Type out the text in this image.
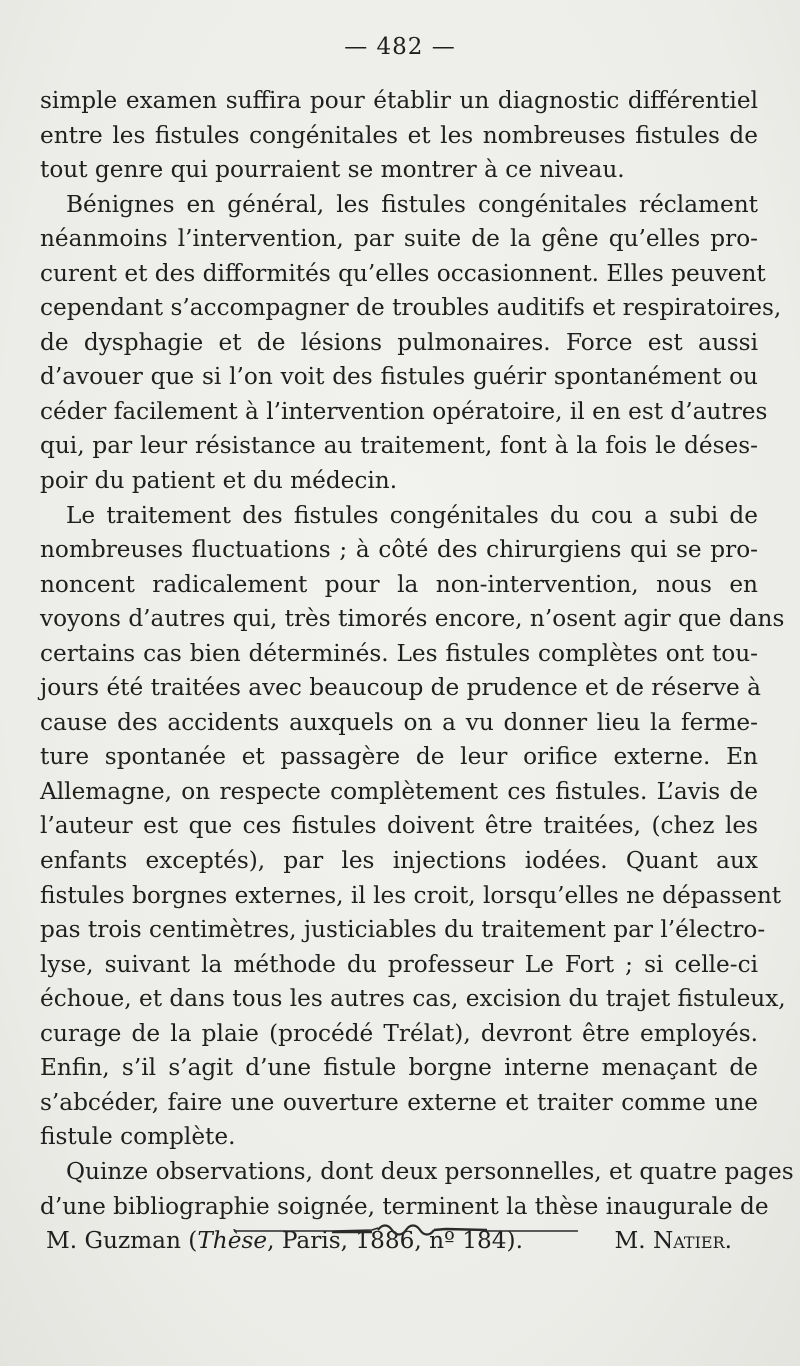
— 482 —
simple examen suffira pour établir un diagnostic différentiel
entre les fistules congénitales et les nombreuses fistules de
tout genre qui pourraient se montrer à ce niveau.
Bénignes en général, les fistules congénitales réclament
néanmoins l’intervention, par suite de la gêne qu’elles pro-
curent et des difformités qu’elles occasionnent. Elles peuvent
cependant s’accompagner de troubles auditifs et respiratoires,
de dysphagie et de lésions pulmonaires. Force est aussi
d’avouer que si l’on voit des fistules guérir spontanément ou
céder facilement à l’intervention opératoire, il en est d’autres
qui, par leur résistance au traitement, font à la fois le déses-
poir du patient et du médecin.
Le traitement des fistules congénitales du cou a subi de
nombreuses fluctuations ; à côté des chirurgiens qui se pro-
noncent radicalement pour la non-intervention, nous en
voyons d’autres qui, très timorés encore, n’osent agir que dans
certains cas bien déterminés. Les fistules complètes ont tou-
jours été traitées avec beaucoup de prudence et de réserve à
cause des accidents auxquels on a vu donner lieu la ferme-
ture spontanée et passagère de leur orifice externe. En
Allemagne, on respecte complètement ces fistules. L’avis de
l’auteur est que ces fistules doivent être traitées, (chez les
enfants exceptés), par les injections iodées. Quant aux
fistules borgnes externes, il les croit, lorsqu’elles ne dépassent
pas trois centimètres, justiciables du traitement par l’électro-
lyse, suivant la méthode du professeur Le Fort ; si celle-ci
échoue, et dans tous les autres cas, excision du trajet fistuleux,
curage de la plaie (procédé Trélat), devront être employés.
Enfin, s’il s’agit d’une fistule borgne interne menaçant de
s’abcéder, faire une ouverture externe et traiter comme une
fistule complète.
Quinze observations, dont deux personnelles, et quatre pages
d’une bibliographie soignée, terminent la thèse inaugurale de
M. Guzman (Thèse, Paris, 1886, nº 184).	M. Natier.
